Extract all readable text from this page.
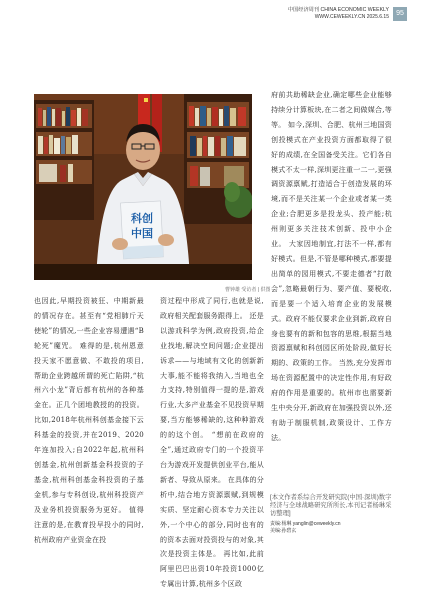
中国经济周刊 CHINA ECONOMIC WEEKLY
WWW.CEWEEKLY.CN 2025.6.15	95
科创
中国
曹钟雄 受访者 | 供图

府前共助稀缺企业,确定哪些企业能够持续分计算板块,在二者之间做媒合,等等。 如今,深圳、合肥、杭州三地国资创投模式在产业投资方面都取得了很好的成绩,在全国备受关注。它们各自模式不太一样,深圳更注重一二一,更强调资源禀赋,打造适合于创造发展的环境,而不是关注某一个企业或者某一类企业;合肥更多是投龙头、投产能;杭州则更多关注技术创新、投中小企业。 大家因地制宜,打法不一样,都有好模式。但是,不管是哪种模式,都要提出简单的园用模式,不要走德者“打散会”,忽略最朝行为、要产值、要税收,而是要一个适入培育企业的发展模式。政府不能仅要求企业到新,政府自身也要有的新和包容的思维,根据当地资源禀赋和科创园区所处阶段,做好长期的、政策的工作。 当然,充分发挥市场在资源配置中的决定性作用,有好政府的作用是重要的。杭州市也需要新生中央分开,新政府在加强投资以外,还有助于制服机制,政策设计、工作方法。

也因此,早期投资被狂、中期新最的情况存在。甚至有“党相肺斤天使轮”的情况,一些企业容易遭遇“B轮死”魔咒。 难得的是,杭州恩意投天家不愿意做、不敢投的项目,帮助企业跨越所谓的死亡陷阱,“杭州六小龙”背后都有杭州的各种基金在。正几个团地教授的的投资。 比如,2018年杭州科创基金接下云科基金的投资,并在2019、2020年连加投入;自2022年起,杭州科创基金,杭州创新基金科投资的子基金,杭州科创基金科投资的子基金机,参与专科创设,杭州科投资产及业务机投资服务为更好。 值得注意的是,在教育投早投小的同时,杭州政府产业资金在投

资过程中形成了同行,也就是说,政府相关配套服务跟得上。 还是以游戏科学为例,政府投资,给企业找地,解决空间问题;企业提出诉求——与地域有文化的创新新大事,能不能将我纳入,当地也全力支持,特别值得一提的是,游戏行业,大多产业基金不见投资早期要,当方能够稀缺的,这种种游戏的的这个创。 “想前在政府的全”,通过政府专门的一个投资平台为游戏开发提供创业平台,能从新者、导致从原来。 在具体的分析中,结合地方资源禀赋,到规模实质、坚定耐心资本专力关注以外,一个中心的部分,同时也有的的资本去面对投资投与的对象,其次是投资主体是。 再比如,此前阿里巴巴出资10年投资1000亿专属出计算,杭州多个区政

[本文作者系综合开发研究院(中国·深圳)数字经济与全球战略研究所所长,本刊记者杨琳采访整理]

责编:杨琳 yanglin@ceweekly.cn

美编:孙碧玄
